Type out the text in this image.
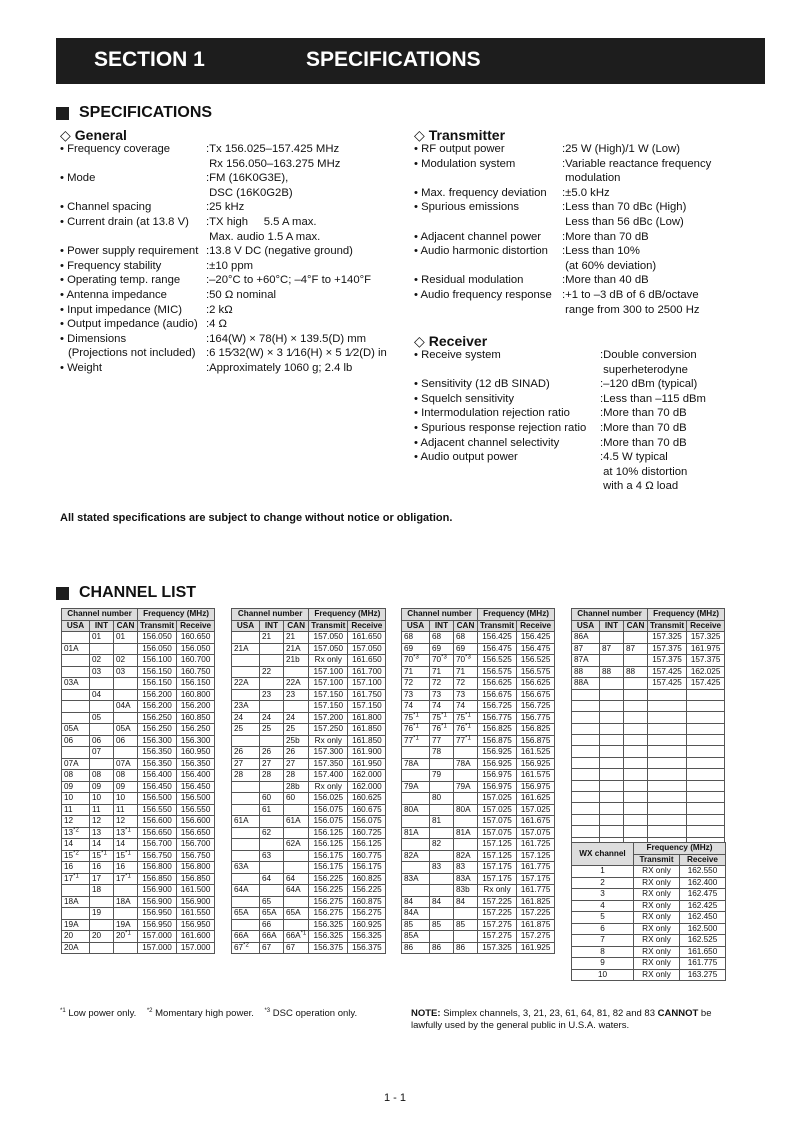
SECTION 1	SPECIFICATIONS
SPECIFICATIONS
◇ General
• Frequency coverage	:Tx 156.025–157.425 MHz
Rx 156.050–163.275 MHz
• Mode	:FM (16K0G3E),
DSC (16K0G2B)
• Channel spacing	:25 kHz
• Current drain (at 13.8 V)	:TX high     5.5 A max.
Max. audio 1.5 A max.
• Power supply requirement :13.8 V DC (negative ground)
• Frequency stability	:±10 ppm
• Operating temp. range	:–20°C to +60°C; –4°F to +140°F
• Antenna impedance	:50 Ω nominal
• Input impedance (MIC)	:2 kΩ
• Output impedance (audio) :4 Ω
• Dimensions	:164(W) × 78(H) × 139.5(D) mm
(Projections not included) :6 15⁄32(W) × 3 1⁄16(H) × 5 1⁄2(D) in
• Weight	:Approximately 1060 g; 2.4 lb
◇ Transmitter
• RF output power	:25 W (High)/1 W (Low)
• Modulation system	:Variable reactance frequency
modulation
• Max. frequency deviation	:±5.0 kHz
• Spurious emissions	:Less than 70 dBc (High)
Less than 56 dBc (Low)
• Adjacent channel power	:More than 70 dB
• Audio harmonic distortion	:Less than 10%
(at 60% deviation)
• Residual modulation	:More than 40 dB
• Audio frequency response :+1 to –3 dB of 6 dB/octave
range from 300 to 2500 Hz
◇ Receiver
• Receive system	:Double conversion
superheterodyne
• Sensitivity (12 dB SINAD)	:–120 dBm (typical)
• Squelch sensitivity	:Less than –115 dBm
• Intermodulation rejection ratio	:More than 70 dB
• Spurious response rejection ratio	:More than 70 dB
• Adjacent channel selectivity	:More than 70 dB
• Audio output power	:4.5 W typical
at 10% distortion
with a 4 Ω load
All stated specifications are subject to change without notice or obligation.
CHANNEL LIST
Channel number			Frequency (MHz)	
USA	INT	CAN	Transmit	Receive
	01	01	156.050	160.650
01A			156.050	156.050
	02	02	156.100	160.700
	03	03	156.150	160.750
03A			156.150	156.150
	04		156.200	160.800
		04A	156.200	156.200
	05		156.250	160.850
05A		05A	156.250	156.250
06	06	06	156.300	156.300
	07		156.350	160.950
07A		07A	156.350	156.350
08	08	08	156.400	156.400
09	09	09	156.450	156.450
10	10	10	156.500	156.500
11	11	11	156.550	156.550
12	12	12	156.600	156.600
13$^{*2}$	13	13$^{*1}$	156.650	156.650
14	14	14	156.700	156.700
15$^{*2}$	15$^{*1}$	15$^{*1}$	156.750	156.750
16	16	16	156.800	156.800
17$^{*1}$	17	17$^{*1}$	156.850	156.850
	18		156.900	161.500
18A		18A	156.900	156.900
	19		156.950	161.550
19A		19A	156.950	156.950
20	20	20$^{*1}$	157.000	161.600
20A			157.000	157.000
Channel number			Frequency (MHz)	
USA	INT	CAN	Transmit	Receive
	21	21	157.050	161.650
21A		21A	157.050	157.050
		21b	Rx only	161.650
	22		157.100	161.700
22A		22A	157.100	157.100
	23	23	157.150	161.750
23A			157.150	157.150
24	24	24	157.200	161.800
25	25	25	157.250	161.850
		25b	Rx only	161.850
26	26	26	157.300	161.900
27	27	27	157.350	161.950
28	28	28	157.400	162.000
		28b	Rx only	162.000
	60	60	156.025	160.625
	61		156.075	160.675
61A		61A	156.075	156.075
	62		156.125	160.725
		62A	156.125	156.125
	63		156.175	160.775
63A			156.175	156.175
	64	64	156.225	160.825
64A		64A	156.225	156.225
	65		156.275	160.875
65A	65A	65A	156.275	156.275
	66		156.325	160.925
66A	66A	$66A^{*1}$	156.325	156.325
67$^{*2}$	67	67	156.375	156.375
Channel number			Frequency (MHz)	
USA	INT	CAN	Transmit	Receive
68	68	68	156.425	156.425
69	69	69	156.475	156.475
70$^{*3}$	70$^{*3}$	70$^{*3}$	156.525	156.525
71	71	71	156.575	156.575
72	72	72	156.625	156.625
73	73	73	156.675	156.675
74	74	74	156.725	156.725
75$^{*1}$	75$^{*1}$	75$^{*1}$	156.775	156.775
76$^{*1}$	76$^{*1}$	76$^{*1}$	156.825	156.825
77$^{*1}$	77	77$^{*1}$	156.875	156.875
	78		156.925	161.525
78A		78A	156.925	156.925
	79		156.975	161.575
79A		79A	156.975	156.975
	80		157.025	161.625
80A		80A	157.025	157.025
	81		157.075	161.675
81A		81A	157.075	157.075
	82		157.125	161.725
82A		82A	157.125	157.125
	83	83	157.175	161.775
83A		83A	157.175	157.175
		83b	Rx only	161.775
84	84	84	157.225	161.825
84A			157.225	157.225
85	85	85	157.275	161.875
85A			157.275	157.275
86	86	86	157.325	161.925
Channel number			Frequency (MHz)	
USA	INT	CAN	Transmit	Receive
86A			157.325	157.325
87	87	87	157.375	161.975
87A			157.375	157.375
88	88	88	157.425	162.025
88A			157.425	157.425

WX channel	Frequency (MHz)	
	Transmit	Receive
1	RX only	162.550
2	RX only	162.400
3	RX only	162.475
4	RX only	162.425
5	RX only	162.450
6	RX only	162.500
7	RX only	162.525
8	RX only	161.650
9	RX only	161.775
10	RX only	163.275
$^{*1}$ Low power only. $^{*2}$ Momentary high power. $^{*3}$ DSC operation only.	NOTE: Simplex channels, 3, 21, 23, 61, 64, 81, 82 and 83 CANNOT be lawfully used by the general public in U.S.A. waters.
1 - 1
